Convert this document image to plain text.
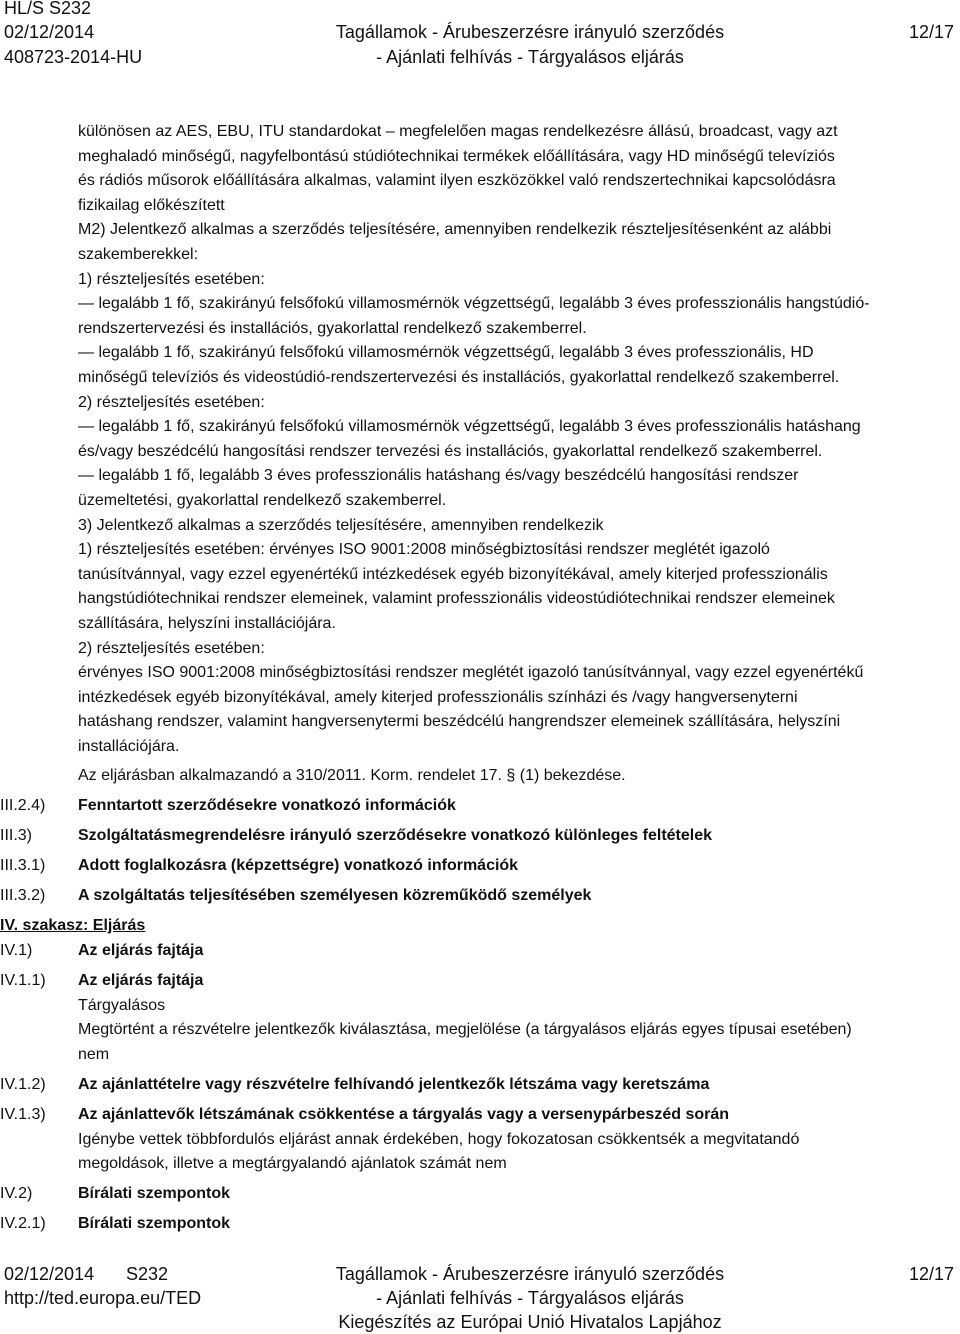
HL/S S232
02/12/2014
408723-2014-HU
Tagállamok - Árubeszerzésre irányuló szerződés
- Ajánlati felhívás - Tárgyalásos eljárás
12/17
különösen az AES, EBU, ITU standardokat – megfelelően magas rendelkezésre állású, broadcast, vagy azt
meghaladó minőségű, nagyfelbontású stúdiótechnikai termékek előállítására, vagy HD minőségű televíziós
és rádiós műsorok előállítására alkalmas, valamint ilyen eszközökkel való rendszertechnikai kapcsolódásra
fizikailag előkészített
M2) Jelentkező alkalmas a szerződés teljesítésére, amennyiben rendelkezik részteljesítésenként az alábbi
szakemberekkel:
1) részteljesítés esetében:
— legalább 1 fő, szakirányú felsőfokú villamosmérnök végzettségű, legalább 3 éves professzionális hangstúdió-
rendszertervezési és installációs, gyakorlattal rendelkező szakemberrel.
— legalább 1 fő, szakirányú felsőfokú villamosmérnök végzettségű, legalább 3 éves professzionális, HD
minőségű televíziós és videostúdió-rendszertervezési és installációs, gyakorlattal rendelkező szakemberrel.
2) részteljesítés esetében:
— legalább 1 fő, szakirányú felsőfokú villamosmérnök végzettségű, legalább 3 éves professzionális hatáshang
és/vagy beszédcélú hangosítási rendszer tervezési és installációs, gyakorlattal rendelkező szakemberrel.
— legalább 1 fő, legalább 3 éves professzionális hatáshang és/vagy beszédcélú hangosítási rendszer
üzemeltetési, gyakorlattal rendelkező szakemberrel.
3) Jelentkező alkalmas a szerződés teljesítésére, amennyiben rendelkezik
1) részteljesítés esetében: érvényes ISO 9001:2008 minőségbiztosítási rendszer meglétét igazoló
tanúsítvánnyal, vagy ezzel egyenértékű intézkedések egyéb bizonyítékával, amely kiterjed professzionális
hangstúdiótechnikai rendszer elemeinek, valamint professzionális videostúdiótechnikai rendszer elemeinek
szállítására, helyszíni installációjára.
2) részteljesítés esetében:
érvényes ISO 9001:2008 minőségbiztosítási rendszer meglétét igazoló tanúsítvánnyal, vagy ezzel egyenértékű
intézkedések egyéb bizonyítékával, amely kiterjed professzionális színházi és /vagy hangversenyterni
hatáshang rendszer, valamint hangversenytermi beszédcélú hangrendszer elemeinek szállítására, helyszíni
installációjára.
Az eljárásban alkalmazandó a 310/2011. Korm. rendelet 17. § (1) bekezdése.
III.2.4) Fenntartott szerződésekre vonatkozó információk
III.3)	Szolgáltatásmegrendelésre irányuló szerződésekre vonatkozó különleges feltételek
III.3.1) Adott foglalkozásra (képzettségre) vonatkozó információk
III.3.2) A szolgáltatás teljesítésében személyesen közreműködő személyek
IV. szakasz: Eljárás
IV.1)	Az eljárás fajtája
IV.1.1) Az eljárás fajtája
Tárgyalásos
Megtörtént a részvételre jelentkezők kiválasztása, megjelölése (a tárgyalásos eljárás egyes típusai esetében)
nem
IV.1.2) Az ajánlattételre vagy részvételre felhívandó jelentkezők létszáma vagy keretszáma
IV.1.3) Az ajánlattevők létszámának csökkentése a tárgyalás vagy a versenypárbeszéd során
Igénybe vettek többfordulós eljárást annak érdekében, hogy fokozatosan csökkentsék a megvitatandó
megoldások, illetve a megtárgyalandó ajánlatok számát nem
IV.2)	Bírálati szempontok
IV.2.1) Bírálati szempontok
02/12/2014 S232
http://ted.europa.eu/TED
Tagállamok - Árubeszerzésre irányuló szerződés
- Ajánlati felhívás - Tárgyalásos eljárás
Kiegészítés az Európai Unió Hivatalos Lapjához
12/17
